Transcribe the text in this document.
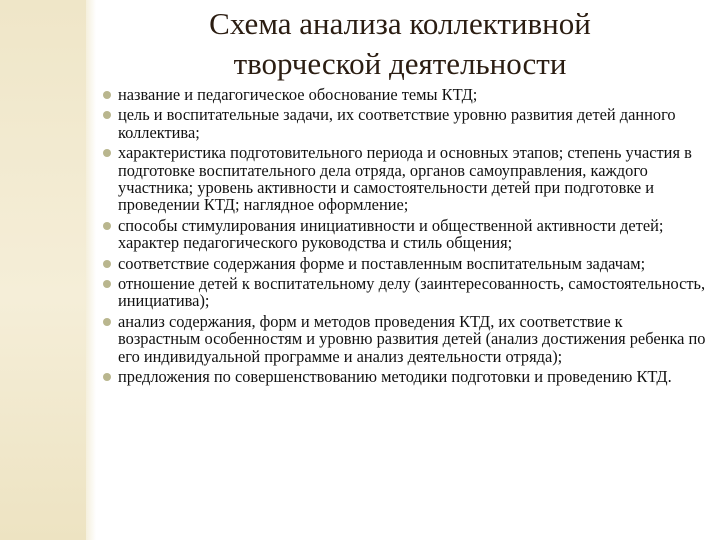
Схема анализа коллективной
творческой деятельности
название и педагогическое обоснование темы КТД;
цель и воспитательные задачи, их соответствие уровню развития детей данного коллектива;
характеристика подготовительного периода и основных этапов; степень участия в подготовке воспитательного дела отряда, органов самоуправления, каждого участника; уровень активности и самостоятельности детей при подготовке и проведении КТД; наглядное оформление;
способы стимулирования инициативности и общественной активности детей; характер педагогического руководства и стиль общения;
соответствие содержания форме и поставленным воспитательным задачам;
отношение детей к воспитательному делу (заинтересованность, самостоятельность, инициатива);
анализ содержания, форм и методов проведения КТД, их соответствие к возрастным особенностям и уровню развития детей (анализ достижения ребенка по его индивидуальной программе и анализ деятельности отряда);
предложения по совершенствованию методики подготовки и проведению КТД.
